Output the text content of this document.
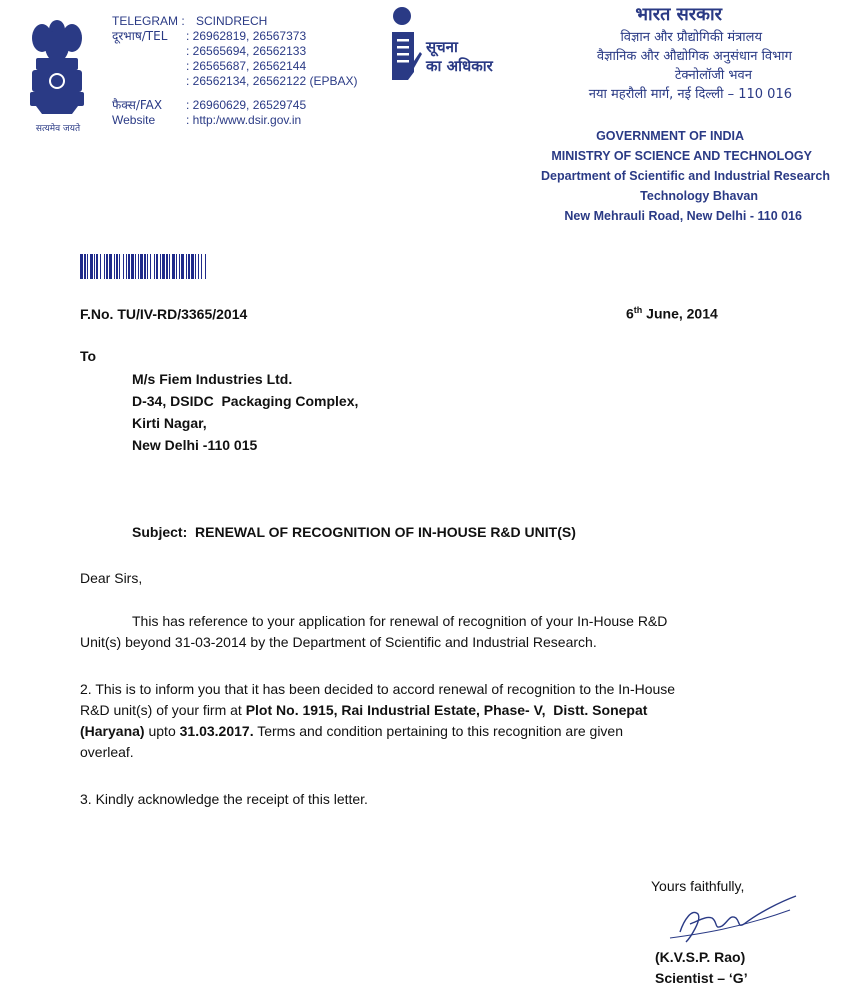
सत्यमेव जयते
TELEGRAM : SCINDRECH
दूरभाष/TEL : 26962819, 26567373
: 26565694, 26562133
: 26565687, 26562144
: 26562134, 26562122 (EPBAX)
फैक्स/FAX : 26960629, 26529745
Website	: http:/www.dsir.gov.in
सूचना
का अधिकार
भारत सरकार
विज्ञान और प्रौद्योगिकी मंत्रालय
वैज्ञानिक और औद्योगिक अनुसंधान विभाग
टेक्नोलॉजी भवन
नया महरौली मार्ग, नई दिल्ली – 110 016
GOVERNMENT OF INDIA
MINISTRY OF SCIENCE AND TECHNOLOGY
Department of Scientific and Industrial Research
Technology Bhavan
New Mehrauli Road, New Delhi - 110 016
F.No. TU/IV-RD/3365/2014	6th June, 2014
To
M/s Fiem Industries Ltd.
D-34, DSIDC  Packaging Complex,
Kirti Nagar,
New Delhi -110 015
Subject: RENEWAL OF RECOGNITION OF IN-HOUSE R&D UNIT(S)
Dear Sirs,
This has reference to your application for renewal of recognition of your In-House R&D
Unit(s) beyond 31-03-2014 by the Department of Scientific and Industrial Research.
2. This is to inform you that it has been decided to accord renewal of recognition to the In-House
R&D unit(s) of your firm at Plot No. 1915, Rai Industrial Estate, Phase- V,  Distt. Sonepat
(Haryana) upto 31.03.2017. Terms and condition pertaining to this recognition are given
overleaf.
3. Kindly acknowledge the receipt of this letter.
Yours faithfully,
(K.V.S.P. Rao)
Scientist – ‘G’
